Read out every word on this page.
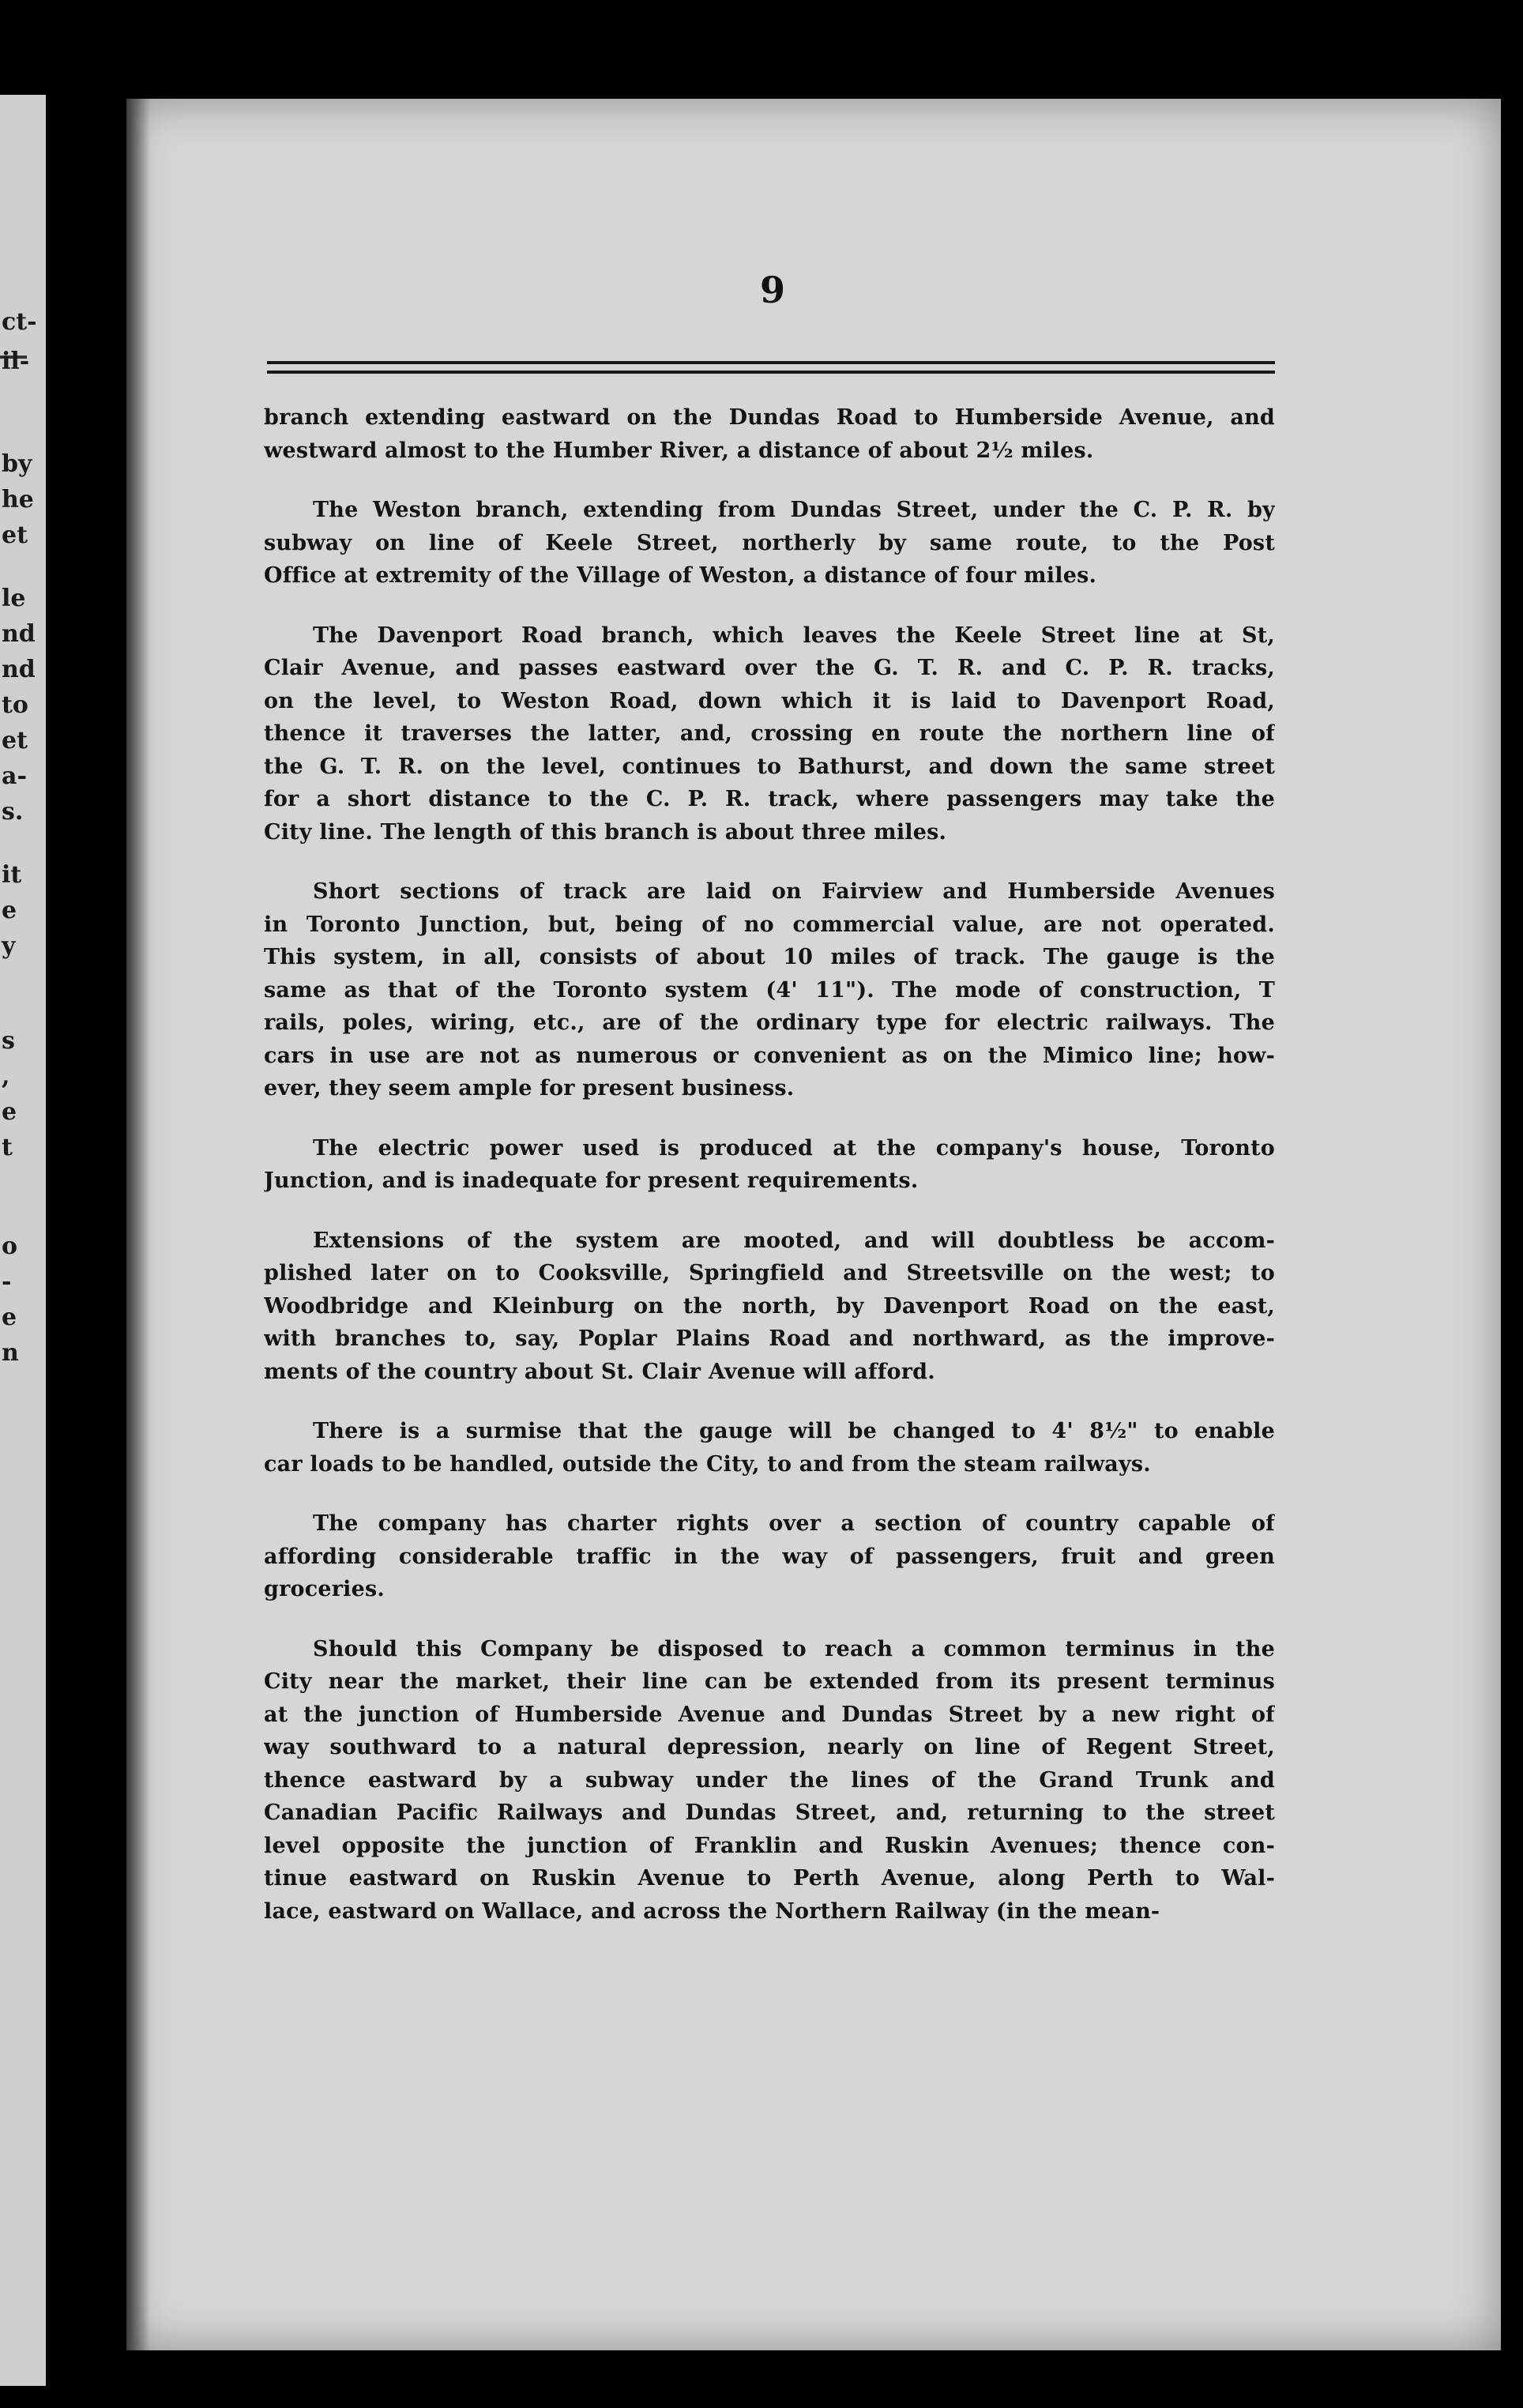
ct-
il-
by
he
et
le
nd
nd
to
et
a-
s.
it
e
y
s
,
e
t
o
-
e
n
9
branch extending eastward on the Dundas Road to Humberside Avenue, and
westward almost to the Humber River, a distance of about 2½ miles.
The Weston branch, extending from Dundas Street, under the C. P. R. by
subway on line of Keele Street, northerly by same route, to the Post
Office at extremity of the Village of Weston, a distance of four miles.
The Davenport Road branch, which leaves the Keele Street line at St,
Clair Avenue, and passes eastward over the G. T. R. and C. P. R. tracks,
on the level, to Weston Road, down which it is laid to Davenport Road,
thence it traverses the latter, and, crossing en route the northern line of
the G. T. R. on the level, continues to Bathurst, and down the same street
for a short distance to the C. P. R. track, where passengers may take the
City line. The length of this branch is about three miles.
Short sections of track are laid on Fairview and Humberside Avenues
in Toronto Junction, but, being of no commercial value, are not operated.
This system, in all, consists of about 10 miles of track. The gauge is the
same as that of the Toronto system (4' 11"). The mode of construction, T
rails, poles, wiring, etc., are of the ordinary type for electric railways. The
cars in use are not as numerous or convenient as on the Mimico line; how-
ever, they seem ample for present business.
The electric power used is produced at the company's house, Toronto
Junction, and is inadequate for present requirements.
Extensions of the system are mooted, and will doubtless be accom-
plished later on to Cooksville, Springfield and Streetsville on the west; to
Woodbridge and Kleinburg on the north, by Davenport Road on the east,
with branches to, say, Poplar Plains Road and northward, as the improve-
ments of the country about St. Clair Avenue will afford.
There is a surmise that the gauge will be changed to 4' 8½" to enable
car loads to be handled, outside the City, to and from the steam railways.
The company has charter rights over a section of country capable of
affording considerable traffic in the way of passengers, fruit and green
groceries.
Should this Company be disposed to reach a common terminus in the
City near the market, their line can be extended from its present terminus
at the junction of Humberside Avenue and Dundas Street by a new right of
way southward to a natural depression, nearly on line of Regent Street,
thence eastward by a subway under the lines of the Grand Trunk and
Canadian Pacific Railways and Dundas Street, and, returning to the street
level opposite the junction of Franklin and Ruskin Avenues; thence con-
tinue eastward on Ruskin Avenue to Perth Avenue, along Perth to Wal-
lace, eastward on Wallace, and across the Northern Railway (in the mean-
